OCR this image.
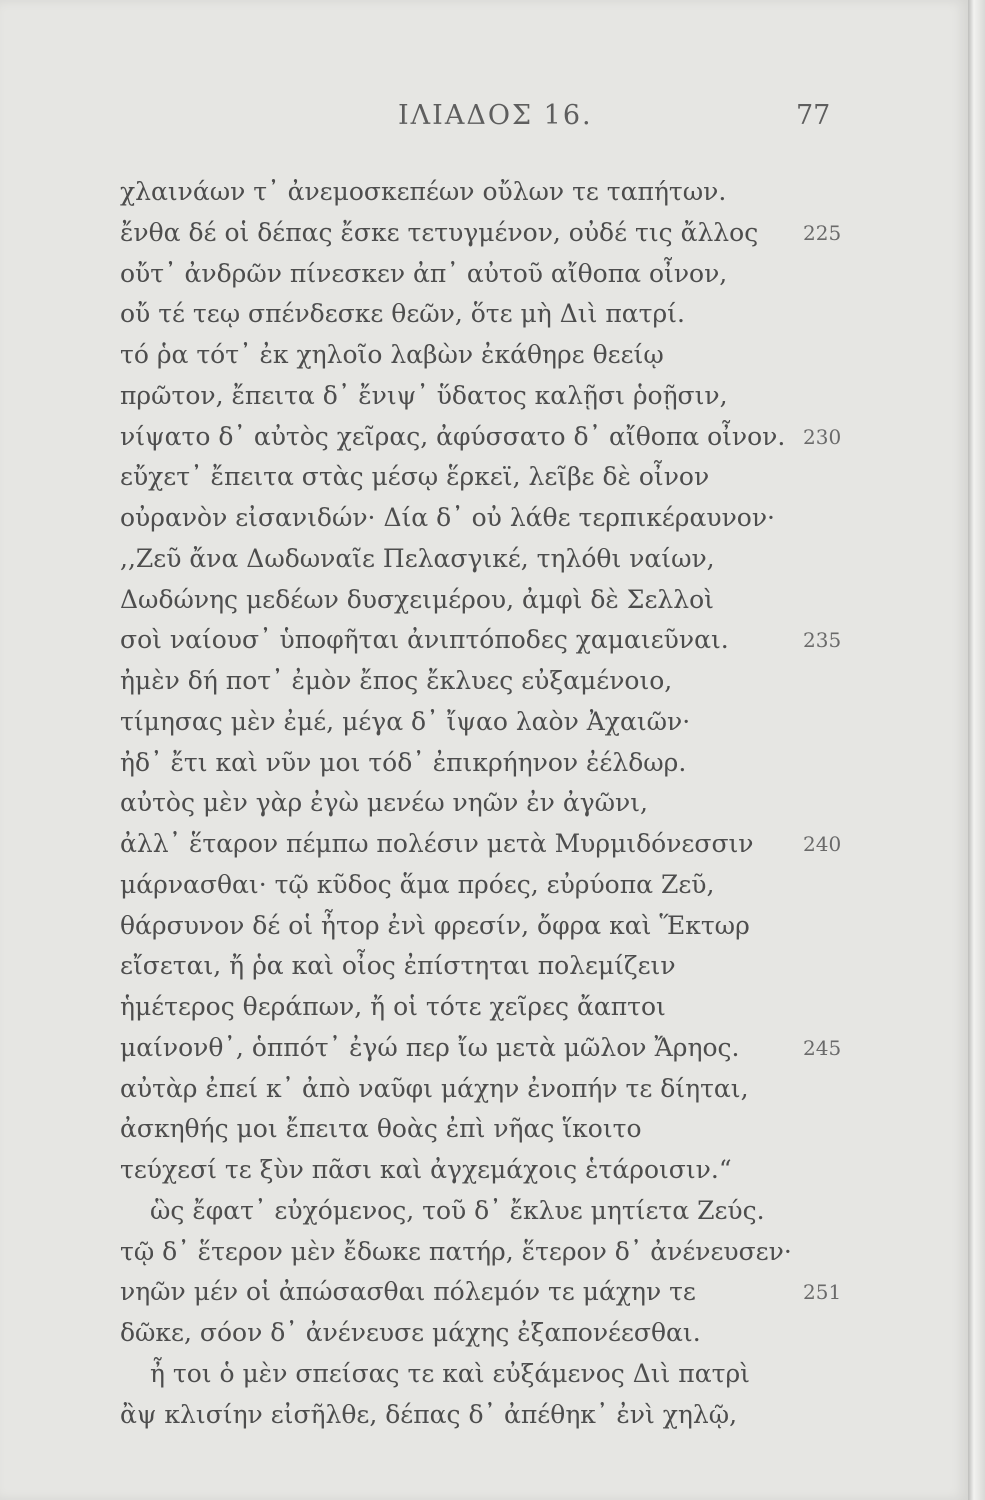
ΙΛΙΑΔΟΣ 16.	77
χλαινάων τ᾽ ἀνεμοσκεπέων οὔλων τε ταπήτων.
ἔνθα δέ οἱ δέπας ἔσκε τετυγμένον, οὐδέ τις ἄλλος 225
οὔτ᾽ ἀνδρῶν πίνεσκεν ἀπ᾽ αὐτοῦ αἴθοπα οἶνον,
οὔ τέ τεῳ σπένδεσκε θεῶν, ὅτε μὴ Διὶ πατρί.
τό ῥα τότ᾽ ἐκ χηλοῖο λαβὼν ἐκάθηρε θεείῳ
πρῶτον, ἔπειτα δ᾽ ἔνιψ᾽ ὕδατος καλῇσι ῥοῇσιν,
νίψατο δ᾽ αὐτὸς χεῖρας, ἀφύσσατο δ᾽ αἴθοπα οἶνον. 230
εὔχετ᾽ ἔπειτα στὰς μέσῳ ἕρκεϊ, λεῖβε δὲ οἶνον
οὐρανὸν εἰσανιδών· Δία δ᾽ οὐ λάθε τερπικέραυνον·
,,Ζεῦ ἄνα Δωδωναῖε Πελασγικέ, τηλόθι ναίων,
Δωδώνης μεδέων δυσχειμέρου, ἀμφὶ δὲ Σελλοὶ
σοὶ ναίουσ᾽ ὑποφῆται ἀνιπτόποδες χαμαιεῦναι.	235
ἠμὲν δή ποτ᾽ ἐμὸν ἔπος ἔκλυες εὐξαμένοιο,
τίμησας μὲν ἐμέ, μέγα δ᾽ ἴψαο λαὸν Ἀχαιῶν·
ἠδ᾽ ἔτι καὶ νῦν μοι τόδ᾽ ἐπικρήηνον ἐέλδωρ.
αὐτὸς μὲν γὰρ ἐγὼ μενέω νηῶν ἐν ἀγῶνι,
ἀλλ᾽ ἕταρον πέμπω πολέσιν μετὰ Μυρμιδόνεσσιν 240
μάρνασθαι· τῷ κῦδος ἅμα πρόες, εὐρύοπα Ζεῦ,
θάρσυνον δέ οἱ ἦτορ ἐνὶ φρεσίν, ὄφρα καὶ Ἕκτωρ
εἴσεται, ἤ ῥα καὶ οἶος ἐπίστηται πολεμίζειν
ἡμέτερος θεράπων, ἤ οἱ τότε χεῖρες ἄαπτοι
μαίνονθ᾽, ὁππότ᾽ ἐγώ περ ἴω μετὰ μῶλον Ἄρηος.	245
αὐτὰρ ἐπεί κ᾽ ἀπὸ ναῦφι μάχην ἐνοπήν τε δίηται,
ἀσκηθής μοι ἔπειτα θοὰς ἐπὶ νῆας ἵκοιτο
τεύχεσί τε ξὺν πᾶσι καὶ ἀγχεμάχοις ἑτάροισιν.“
ὣς ἔφατ᾽ εὐχόμενος, τοῦ δ᾽ ἔκλυε μητίετα Ζεύς.
τῷ δ᾽ ἕτερον μὲν ἔδωκε πατήρ, ἕτερον δ᾽ ἀνένευσεν·
νηῶν μέν οἱ ἀπώσασθαι πόλεμόν τε μάχην τε	251
δῶκε, σόον δ᾽ ἀνένευσε μάχης ἐξαπονέεσθαι.
ἦ τοι ὁ μὲν σπείσας τε καὶ εὐξάμενος Διὶ πατρὶ
ἂψ κλισίην εἰσῆλθε, δέπας δ᾽ ἀπέθηκ᾽ ἐνὶ χηλῷ,
